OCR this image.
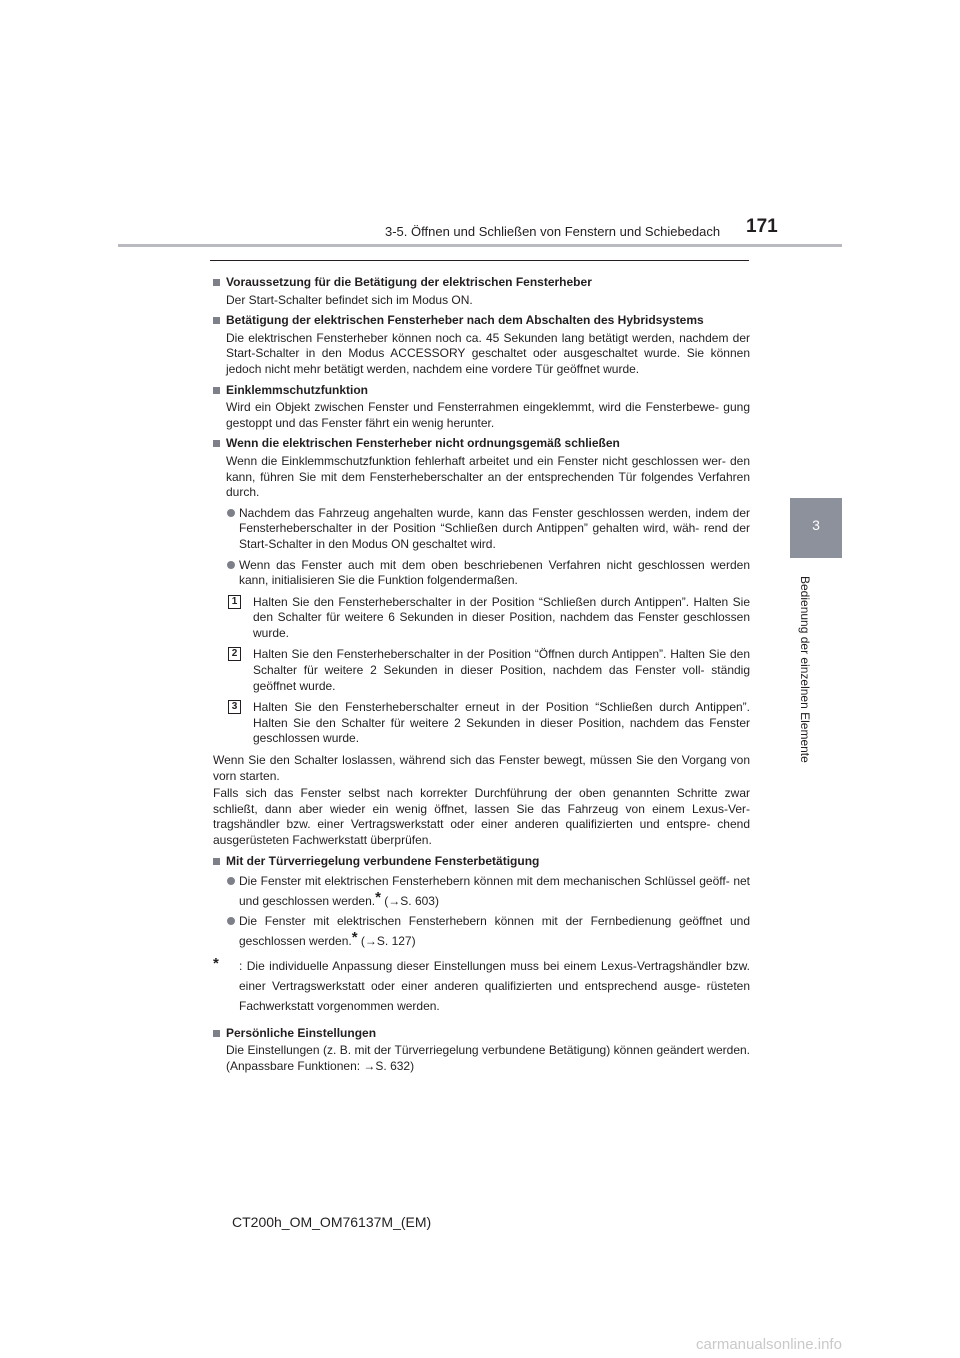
3-5. Öffnen und Schließen von Fenstern und Schiebedach 171
3
Bedienung der einzelnen Elemente
Voraussetzung für die Betätigung der elektrischen Fensterheber
Der Start-Schalter befindet sich im Modus ON.
Betätigung der elektrischen Fensterheber nach dem Abschalten des Hybridsystems
Die elektrischen Fensterheber können noch ca. 45 Sekunden lang betätigt werden, nachdem der Start-Schalter in den Modus ACCESSORY geschaltet oder ausgeschaltet wurde. Sie können jedoch nicht mehr betätigt werden, nachdem eine vordere Tür geöffnet wurde.
Einklemmschutzfunktion
Wird ein Objekt zwischen Fenster und Fensterrahmen eingeklemmt, wird die Fensterbewe- gung gestoppt und das Fenster fährt ein wenig herunter.
Wenn die elektrischen Fensterheber nicht ordnungsgemäß schließen
Wenn die Einklemmschutzfunktion fehlerhaft arbeitet und ein Fenster nicht geschlossen wer- den kann, führen Sie mit dem Fensterheberschalter an der entsprechenden Tür folgendes Verfahren durch.
Nachdem das Fahrzeug angehalten wurde, kann das Fenster geschlossen werden, indem der Fensterheberschalter in der Position “Schließen durch Antippen” gehalten wird, wäh- rend der Start-Schalter in den Modus ON geschaltet wird.
Wenn das Fenster auch mit dem oben beschriebenen Verfahren nicht geschlossen werden kann, initialisieren Sie die Funktion folgendermaßen.
1	Halten Sie den Fensterheberschalter in der Position “Schließen durch Antippen”. Halten Sie den Schalter für weitere 6 Sekunden in dieser Position, nachdem das Fenster geschlossen wurde.
2	Halten Sie den Fensterheberschalter in der Position “Öffnen durch Antippen”. Halten Sie den Schalter für weitere 2 Sekunden in dieser Position, nachdem das Fenster voll- ständig geöffnet wurde.
3	Halten Sie den Fensterheberschalter erneut in der Position “Schließen durch Antippen”. Halten Sie den Schalter für weitere 2 Sekunden in dieser Position, nachdem das Fenster geschlossen wurde.
Wenn Sie den Schalter loslassen, während sich das Fenster bewegt, müssen Sie den Vorgang von vorn starten.
Falls sich das Fenster selbst nach korrekter Durchführung der oben genannten Schritte zwar schließt, dann aber wieder ein wenig öffnet, lassen Sie das Fahrzeug von einem Lexus-Ver- tragshändler bzw. einer Vertragswerkstatt oder einer anderen qualifizierten und entspre- chend ausgerüsteten Fachwerkstatt überprüfen.
Mit der Türverriegelung verbundene Fensterbetätigung
Die Fenster mit elektrischen Fensterhebern können mit dem mechanischen Schlüssel geöff- net und geschlossen werden.* (→S. 603)
Die Fenster mit elektrischen Fensterhebern können mit der Fernbedienung geöffnet und geschlossen werden.* (→S. 127)
* : Die individuelle Anpassung dieser Einstellungen muss bei einem Lexus-Vertragshändler bzw. einer Vertragswerkstatt oder einer anderen qualifizierten und entsprechend ausge- rüsteten Fachwerkstatt vorgenommen werden.
Persönliche Einstellungen
Die Einstellungen (z. B. mit der Türverriegelung verbundene Betätigung) können geändert werden. (Anpassbare Funktionen: →S. 632)
CT200h_OM_OM76137M_(EM)
carmanualsonline.info
